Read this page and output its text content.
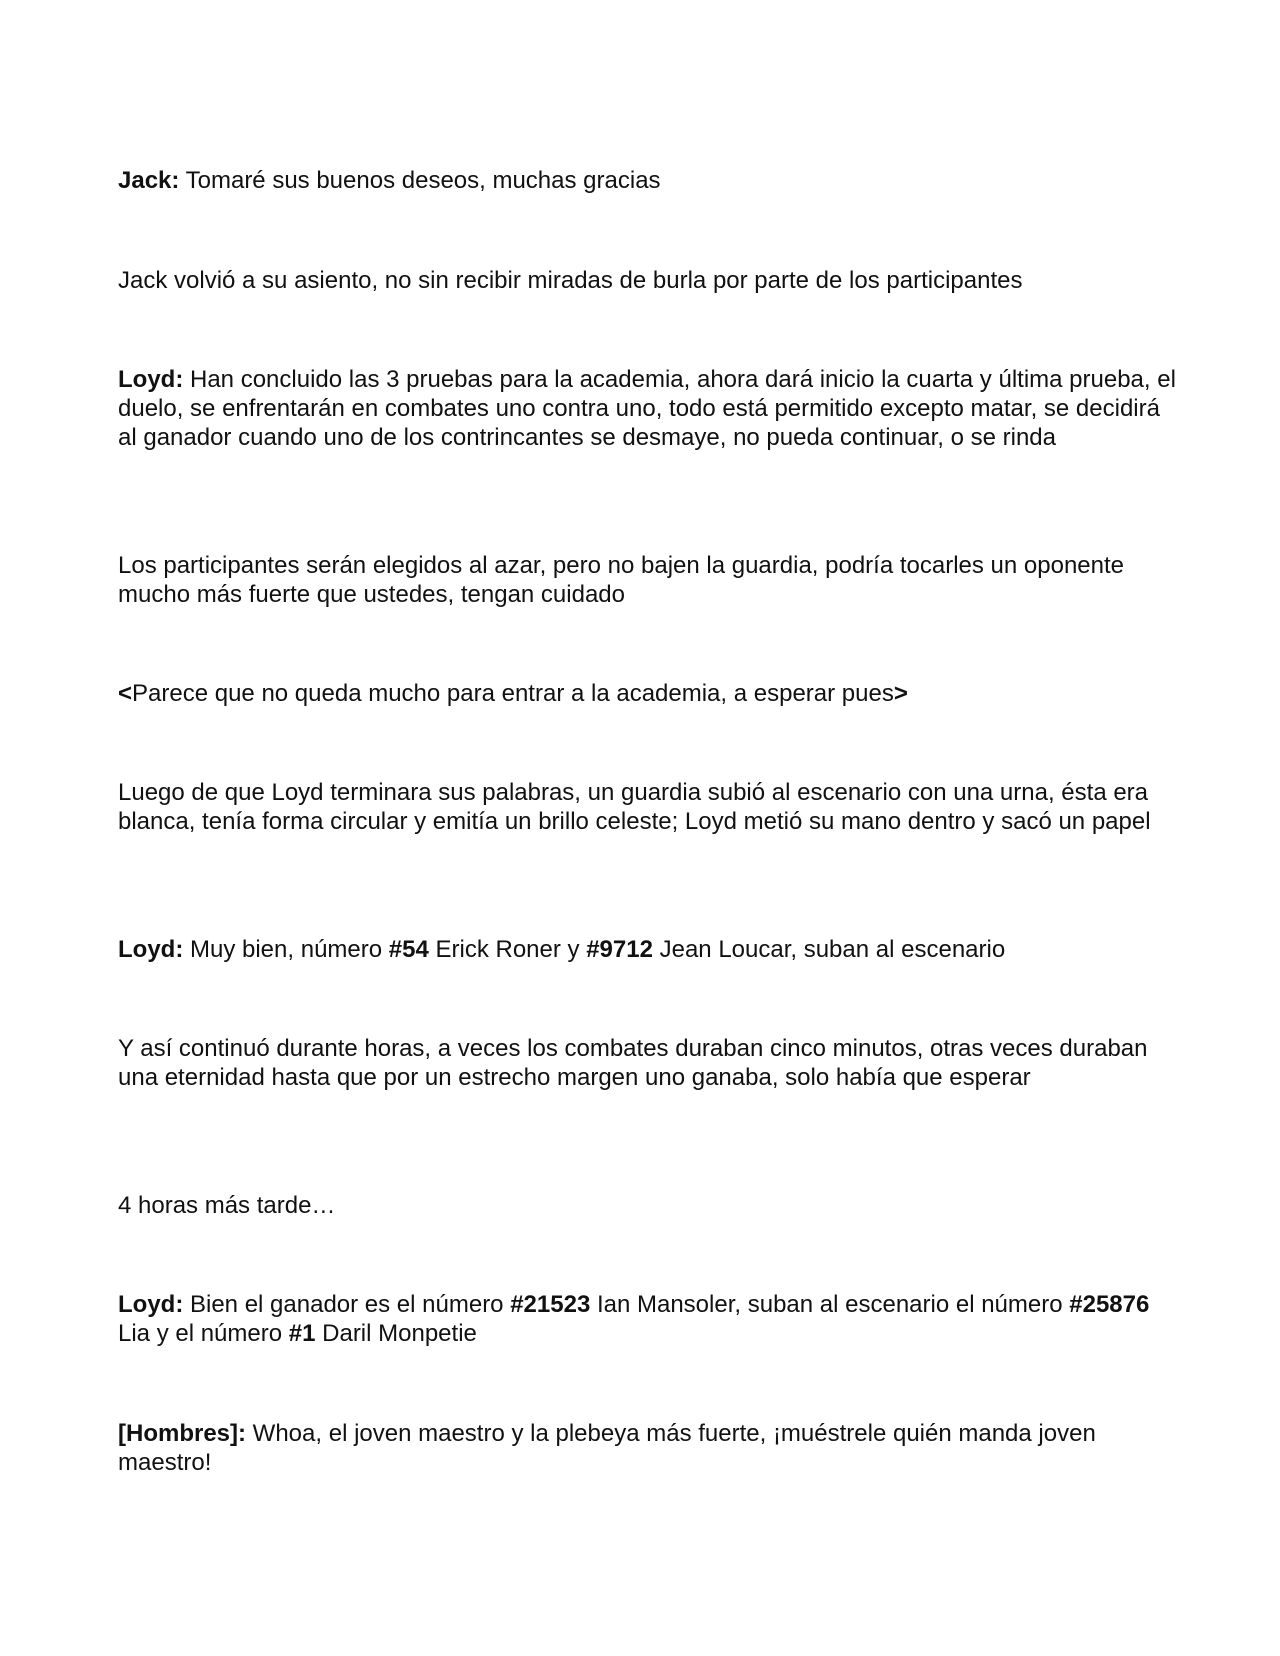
Jack: Tomaré sus buenos deseos, muchas gracias

Jack volvió a su asiento, no sin recibir miradas de burla por parte de los participantes

Loyd: Han concluido las 3 pruebas para la academia, ahora dará inicio la cuarta y última prueba, el duelo, se enfrentarán en combates uno contra uno, todo está permitido excepto matar, se decidirá al ganador cuando uno de los contrincantes se desmaye, no pueda continuar, o se rinda

Los participantes serán elegidos al azar, pero no bajen la guardia, podría tocarles un oponente mucho más fuerte que ustedes, tengan cuidado

<Parece que no queda mucho para entrar a la academia, a esperar pues>

Luego de que Loyd terminara sus palabras, un guardia subió al escenario con una urna, ésta era blanca, tenía forma circular y emitía un brillo celeste; Loyd metió su mano dentro y sacó un papel

Loyd: Muy bien, número #54 Erick Roner y #9712 Jean Loucar, suban al escenario

Y así continuó durante horas, a veces los combates duraban cinco minutos, otras veces duraban una eternidad hasta que por un estrecho margen uno ganaba, solo había que esperar

4 horas más tarde…

Loyd: Bien el ganador es el número #21523 Ian Mansoler, suban al escenario el número #25876 Lia y el número #1 Daril Monpetie

[Hombres]: Whoa, el joven maestro y la plebeya más fuerte, ¡muéstrele quién manda joven maestro!
